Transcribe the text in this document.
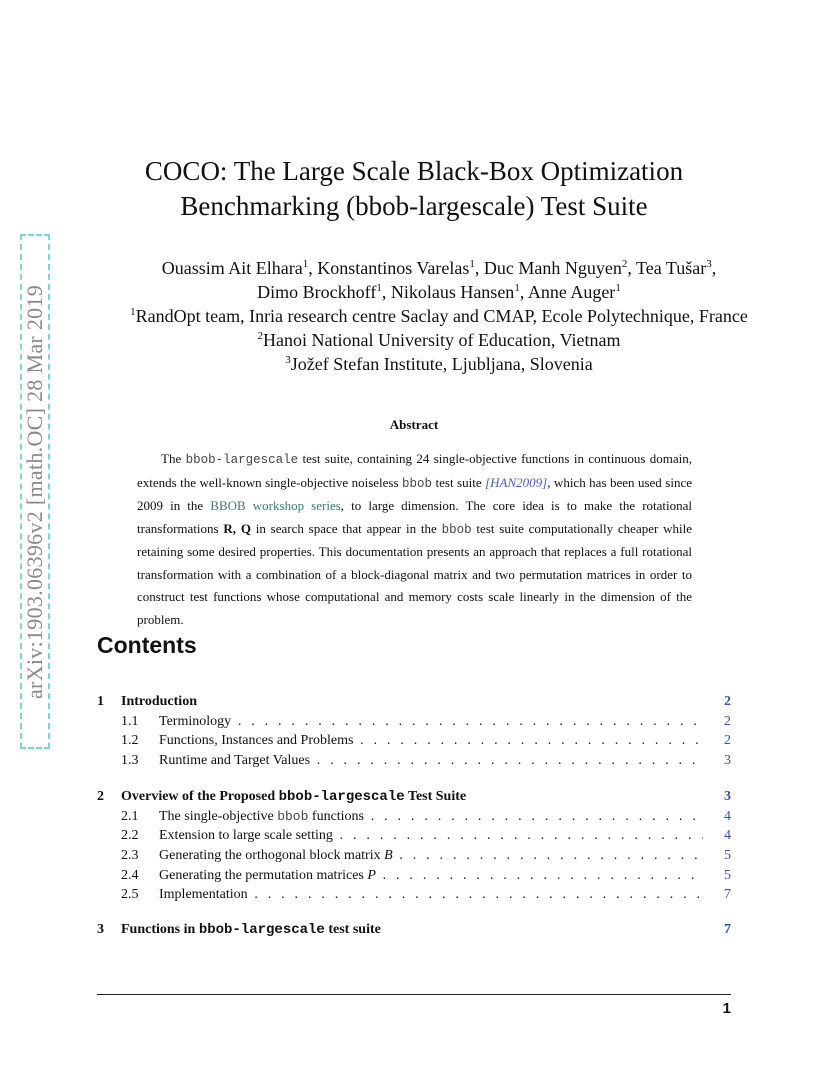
arXiv:1903.06396v2 [math.OC] 28 Mar 2019
COCO: The Large Scale Black-Box Optimization
Benchmarking (bbob-largescale) Test Suite
Ouassim Ait Elhara$^1$, Konstantinos Varelas$^1$, Duc Manh Nguyen$^2$, Tea Tušar$^3$,
Dimo Brockhoff$^1$, Nikolaus Hansen$^1$, Anne Auger$^1$
$^1$RandOpt team, Inria research centre Saclay and CMAP, Ecole Polytechnique, France
$^2$Hanoi National University of Education, Vietnam
$^3$Jožef Stefan Institute, Ljubljana, Slovenia
Abstract

The bbob-largescale test suite, containing 24 single-objective functions in continuous domain, extends the well-known single-objective noiseless bbob test suite [HAN2009], which has been used since 2009 in the BBOB workshop series, to large dimension. The core idea is to make the rotational transformations R, Q in search space that appear in the bbob test suite computationally cheaper while retaining some desired properties. This documentation presents an approach that replaces a full rotational transformation with a combination of a block-diagonal matrix and two permutation matrices in order to construct test functions whose computational and memory costs scale linearly in the dimension of the problem.

Contents
1 Introduction	2
1.1 Terminology . . .	2
1.2 Functions, Instances and Problems . . .	2
1.3 Runtime and Target Values . . .	3
2 Overview of the Proposed bbob-largescale Test Suite	3
2.1 The single-objective bbob functions . . .	4
2.2 Extension to large scale setting . . .	4
2.3 Generating the orthogonal block matrix B . . .	5
2.4 Generating the permutation matrices P . . .	5
2.5 Implementation . . .	7
3 Functions in bbob-largescale test suite	7
1
